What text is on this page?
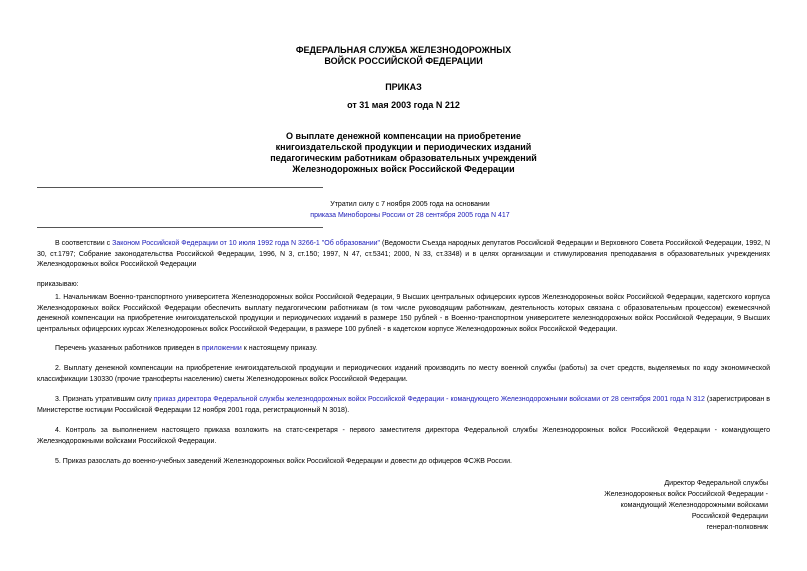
ФЕДЕРАЛЬНАЯ СЛУЖБА ЖЕЛЕЗНОДОРОЖНЫХ
ВОЙСК РОССИЙСКОЙ ФЕДЕРАЦИИ
ПРИКАЗ
от 31 мая 2003 года N 212
О выплате денежной компенсации на приобретение
книгоиздательской продукции и периодических изданий
педагогическим работникам образовательных учреждений
Железнодорожных войск Российской Федерации
Утратил силу с 7 ноября 2005 года на основании
приказа Минобороны России от 28 сентября 2005 года N 417
В соответствии с Законом Российской Федерации от 10 июля 1992 года N 3266-1 "Об образовании" (Ведомости Съезда народных депутатов Российской Федерации и Верховного Совета Российской Федерации, 1992, N 30, ст.1797; Собрание законодательства Российской Федерации, 1996, N 3, ст.150; 1997, N 47, ст.5341; 2000, N 33, ст.3348) и в целях организации и стимулирования преподавания в образовательных учреждениях Железнодорожных войск Российской Федерации
приказываю:
1. Начальникам Военно-транспортного университета Железнодорожных войск Российской Федерации, 9 Высших центральных офицерских курсов Железнодорожных войск Российской Федерации, кадетского корпуса Железнодорожных войск Российской Федерации обеспечить выплату педагогическим работникам (в том числе руководящим работникам, деятельность которых связана с образовательным процессом) ежемесячной денежной компенсации на приобретение книгоиздательской продукции и периодических изданий в размере 150 рублей - в Военно-транспортном университете железнодорожных войск Российской Федерации, 9 Высших центральных офицерских курсах Железнодорожных войск Российской Федерации, в размере 100 рублей - в кадетском корпусе Железнодорожных войск Российской Федерации.
Перечень указанных работников приведен в приложении к настоящему приказу.
2. Выплату денежной компенсации на приобретение книгоиздательской продукции и периодических изданий производить по месту военной службы (работы) за счет средств, выделяемых по коду экономической классификации 130330 (прочие трансферты населению) сметы Железнодорожных войск Российской Федерации.
3. Признать утратившим силу приказ директора Федеральной службы железнодорожных войск Российской Федерации - командующего Железнодорожными войсками от 28 сентября 2001 года N 312 (зарегистрирован в Министерстве юстиции Российской Федерации 12 ноября 2001 года, регистрационный N 3018).
4. Контроль за выполнением настоящего приказа возложить на статс-секретаря - первого заместителя директора Федеральной службы Железнодорожных войск Российской Федерации - командующего Железнодорожными войсками Российской Федерации.
5. Приказ разослать до военно-учебных заведений Железнодорожных войск Российской Федерации и довести до офицеров ФСЖВ России.
Директор Федеральной службы
Железнодорожных войск Российской Федерации -
командующий Железнодорожными войсками
Российской Федерации
генерал-полковник
